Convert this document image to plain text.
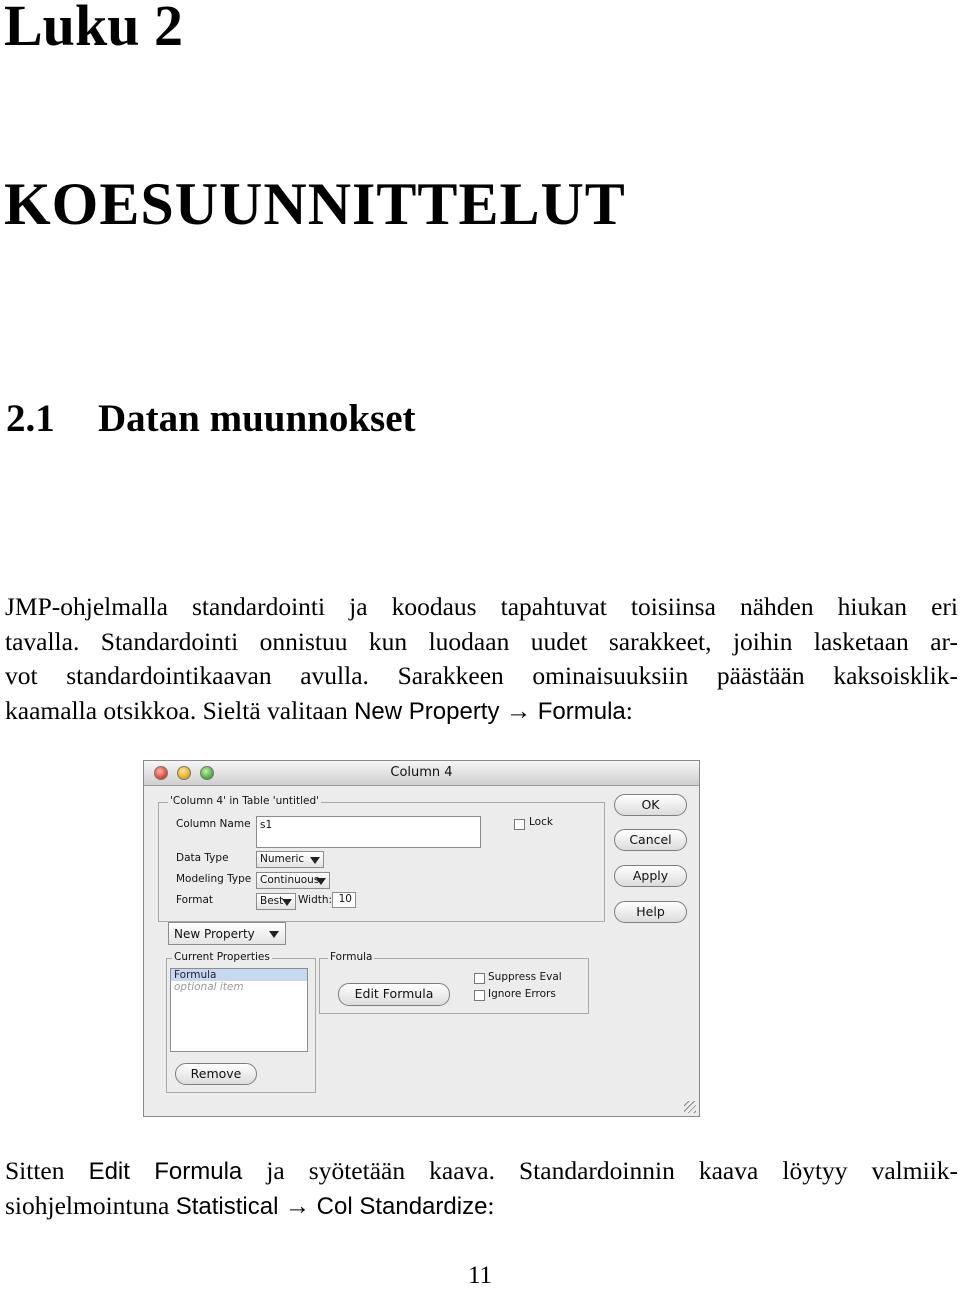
Luku 2
KOESUUNNITTELUT
2.1 Datan muunnokset
JMP-ohjelmalla standardointi ja koodaus tapahtuvat toisiinsa nähden hiukan eri
tavalla. Standardointi onnistuu kun luodaan uudet sarakkeet, joihin lasketaan ar-
vot standardointikaavan avulla. Sarakkeen ominaisuuksiin päästään kaksoisklik-
kaamalla otsikkoa. Sieltä valitaan New Property → Formula:
Column 4
'Column 4' in Table 'untitled'
Column Name s1	Lock
Data Type	Numeric
Modeling Type Continuous
Format	Best	Width: 10
New Property
Current Properties
Formula
optional item
Remove
Formula
Edit Formula
Suppress Eval
Ignore Errors
OK
Cancel
Apply
Help
Sitten Edit Formula ja syötetään kaava. Standardoinnin kaava löytyy valmiik-
siohjelmointuna Statistical → Col Standardize:
11
